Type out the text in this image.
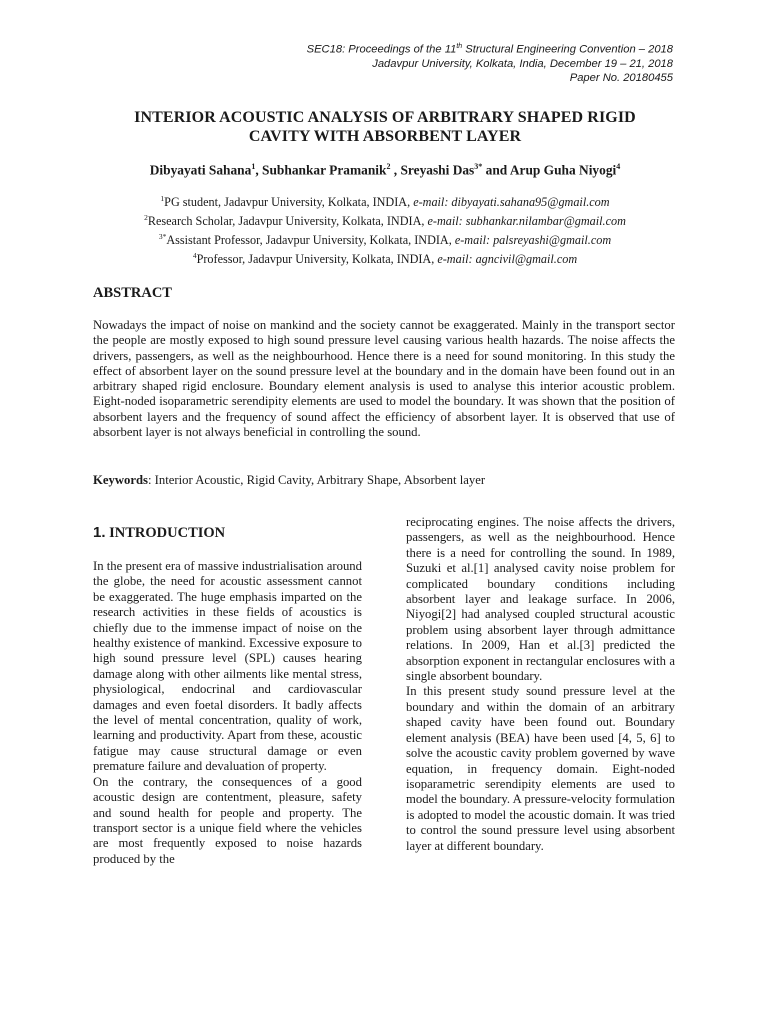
SEC18: Proceedings of the 11th Structural Engineering Convention – 2018
Jadavpur University, Kolkata, India, December 19 – 21, 2018
Paper No. 20180455
INTERIOR ACOUSTIC ANALYSIS OF ARBITRARY SHAPED RIGID
CAVITY WITH ABSORBENT LAYER
Dibyayati Sahana$^1$, Subhankar Pramanik$^2$ , Sreyashi Das$^{3*}$ and Arup Guha Niyogi$^4$
$^1$PG student, Jadavpur University, Kolkata, INDIA, e-mail: dibyayati.sahana95@gmail.com
$^2$Research Scholar, Jadavpur University, Kolkata, INDIA, e-mail: subhankar.nilambar@gmail.com
$^{3*}$Assistant Professor, Jadavpur University, Kolkata, INDIA, e-mail: palsreyashi@gmail.com
$^4$Professor, Jadavpur University, Kolkata, INDIA, e-mail: agncivil@gmail.com
ABSTRACT
Nowadays the impact of noise on mankind and the society cannot be exaggerated. Mainly in the transport sector the people are mostly exposed to high sound pressure level causing various health hazards. The noise affects the drivers, passengers, as well as the neighbourhood. Hence there is a need for sound monitoring. In this study the effect of absorbent layer on the sound pressure level at the boundary and in the domain have been found out in an arbitrary shaped rigid enclosure. Boundary element analysis is used to analyse this interior acoustic problem. Eight-noded isoparametric serendipity elements are used to model the boundary. It was shown that the position of absorbent layers and the frequency of sound affect the efficiency of absorbent layer. It is observed that use of absorbent layer is not always beneficial in controlling the sound.
Keywords: Interior Acoustic, Rigid Cavity, Arbitrary Shape, Absorbent layer
1. INTRODUCTION

In the present era of massive industrialisation around the globe, the need for acoustic assessment cannot be exaggerated. The huge emphasis imparted on the research activities in these fields of acoustics is chiefly due to the immense impact of noise on the healthy existence of mankind. Excessive exposure to high sound pressure level (SPL) causes hearing damage along with other ailments like mental stress, physiological, endocrinal and cardiovascular damages and even foetal disorders. It badly affects the level of mental concentration, quality of work, learning and productivity. Apart from these, acoustic fatigue may cause structural damage or even premature failure and devaluation of property.

On the contrary, the consequences of a good acoustic design are contentment, pleasure, safety and sound health for people and property. The transport sector is a unique field where the vehicles are most frequently exposed to noise hazards produced by the

reciprocating engines. The noise affects the drivers, passengers, as well as the neighbourhood. Hence there is a need for controlling the sound. In 1989, Suzuki et al.[1] analysed cavity noise problem for complicated boundary conditions including absorbent layer and leakage surface. In 2006, Niyogi[2] had analysed coupled structural acoustic problem using absorbent layer through admittance relations. In 2009, Han et al.[3] predicted the absorption exponent in rectangular enclosures with a single absorbent boundary.

In this present study sound pressure level at the boundary and within the domain of an arbitrary shaped cavity have been found out. Boundary element analysis (BEA) have been used [4, 5, 6] to solve the acoustic cavity problem governed by wave equation, in frequency domain. Eight-noded isoparametric serendipity elements are used to model the boundary. A pressure-velocity formulation is adopted to model the acoustic domain. It was tried to control the sound pressure level using absorbent layer at different boundary.
